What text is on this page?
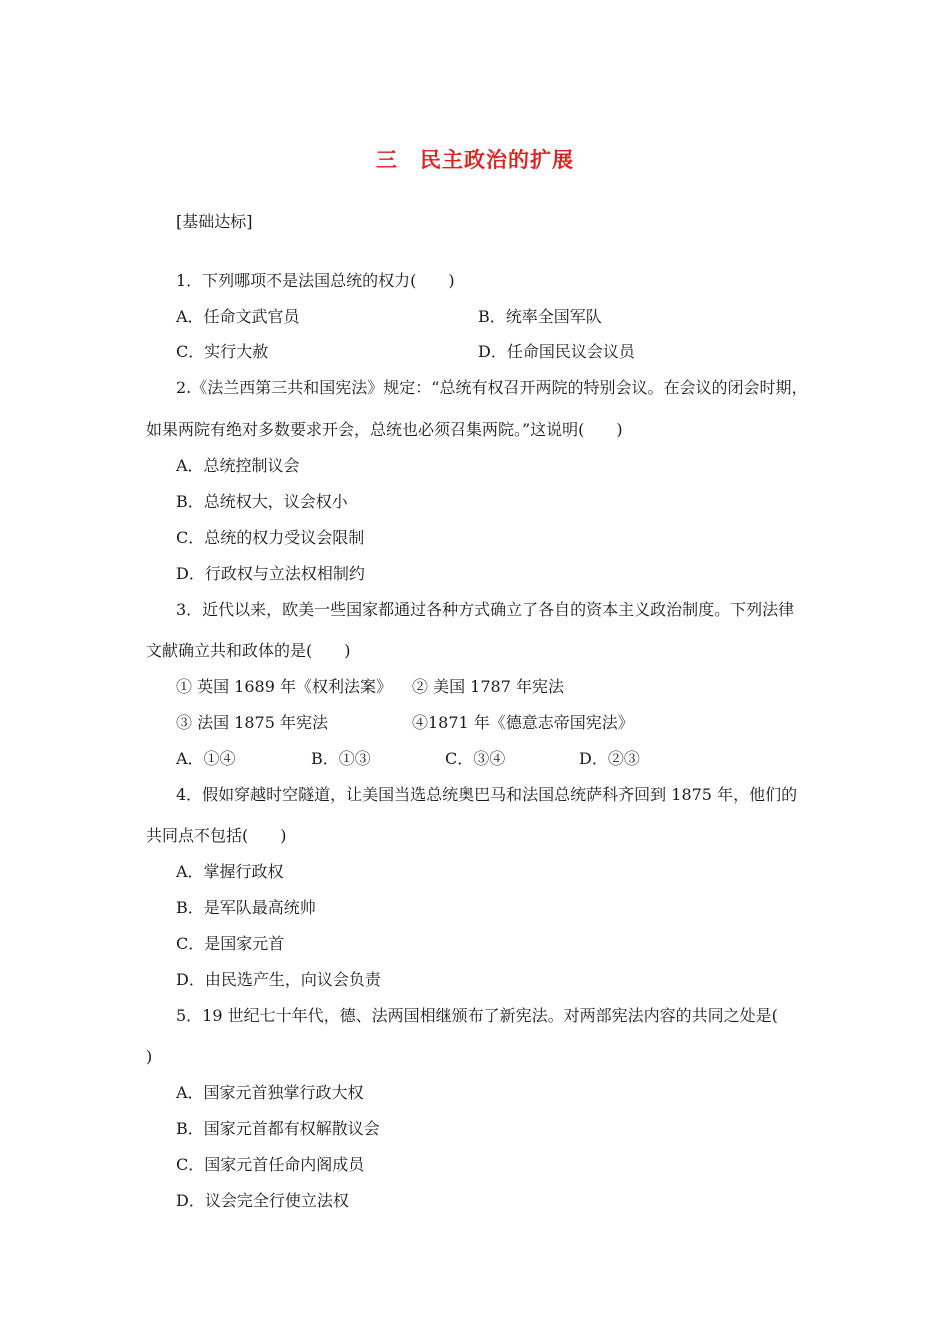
三 民主政治的扩展
[基础达标]
1．下列哪项不是法国总统的权力(　　)
A．任命文武官员	B．统率全国军队
C．实行大赦	D．任命国民议会议员
2.《法兰西第三共和国宪法》规定：“总统有权召开两院的特别会议。在会议的闭会时期，
如果两院有绝对多数要求开会，总统也必须召集两院。”这说明(　　)
A．总统控制议会
B．总统权大，议会权小
C．总统的权力受议会限制
D．行政权与立法权相制约
3．近代以来，欧美一些国家都通过各种方式确立了各自的资本主义政治制度。下列法律
文献确立共和政体的是(　　)
① 英国 1689 年《权利法案》 ② 美国 1787 年宪法
③ 法国 1875 年宪法	④1871 年《德意志帝国宪法》
A．①④	B．①③	C．③④	D．②③
4．假如穿越时空隧道，让美国当选总统奥巴马和法国总统萨科齐回到 1875 年，他们的
共同点不包括(　　)
A．掌握行政权
B．是军队最高统帅
C．是国家元首
D．由民选产生，向议会负责
5．19 世纪七十年代，德、法两国相继颁布了新宪法。对两部宪法内容的共同之处是(
)
A．国家元首独掌行政大权
B．国家元首都有权解散议会
C．国家元首任命内阁成员
D．议会完全行使立法权
